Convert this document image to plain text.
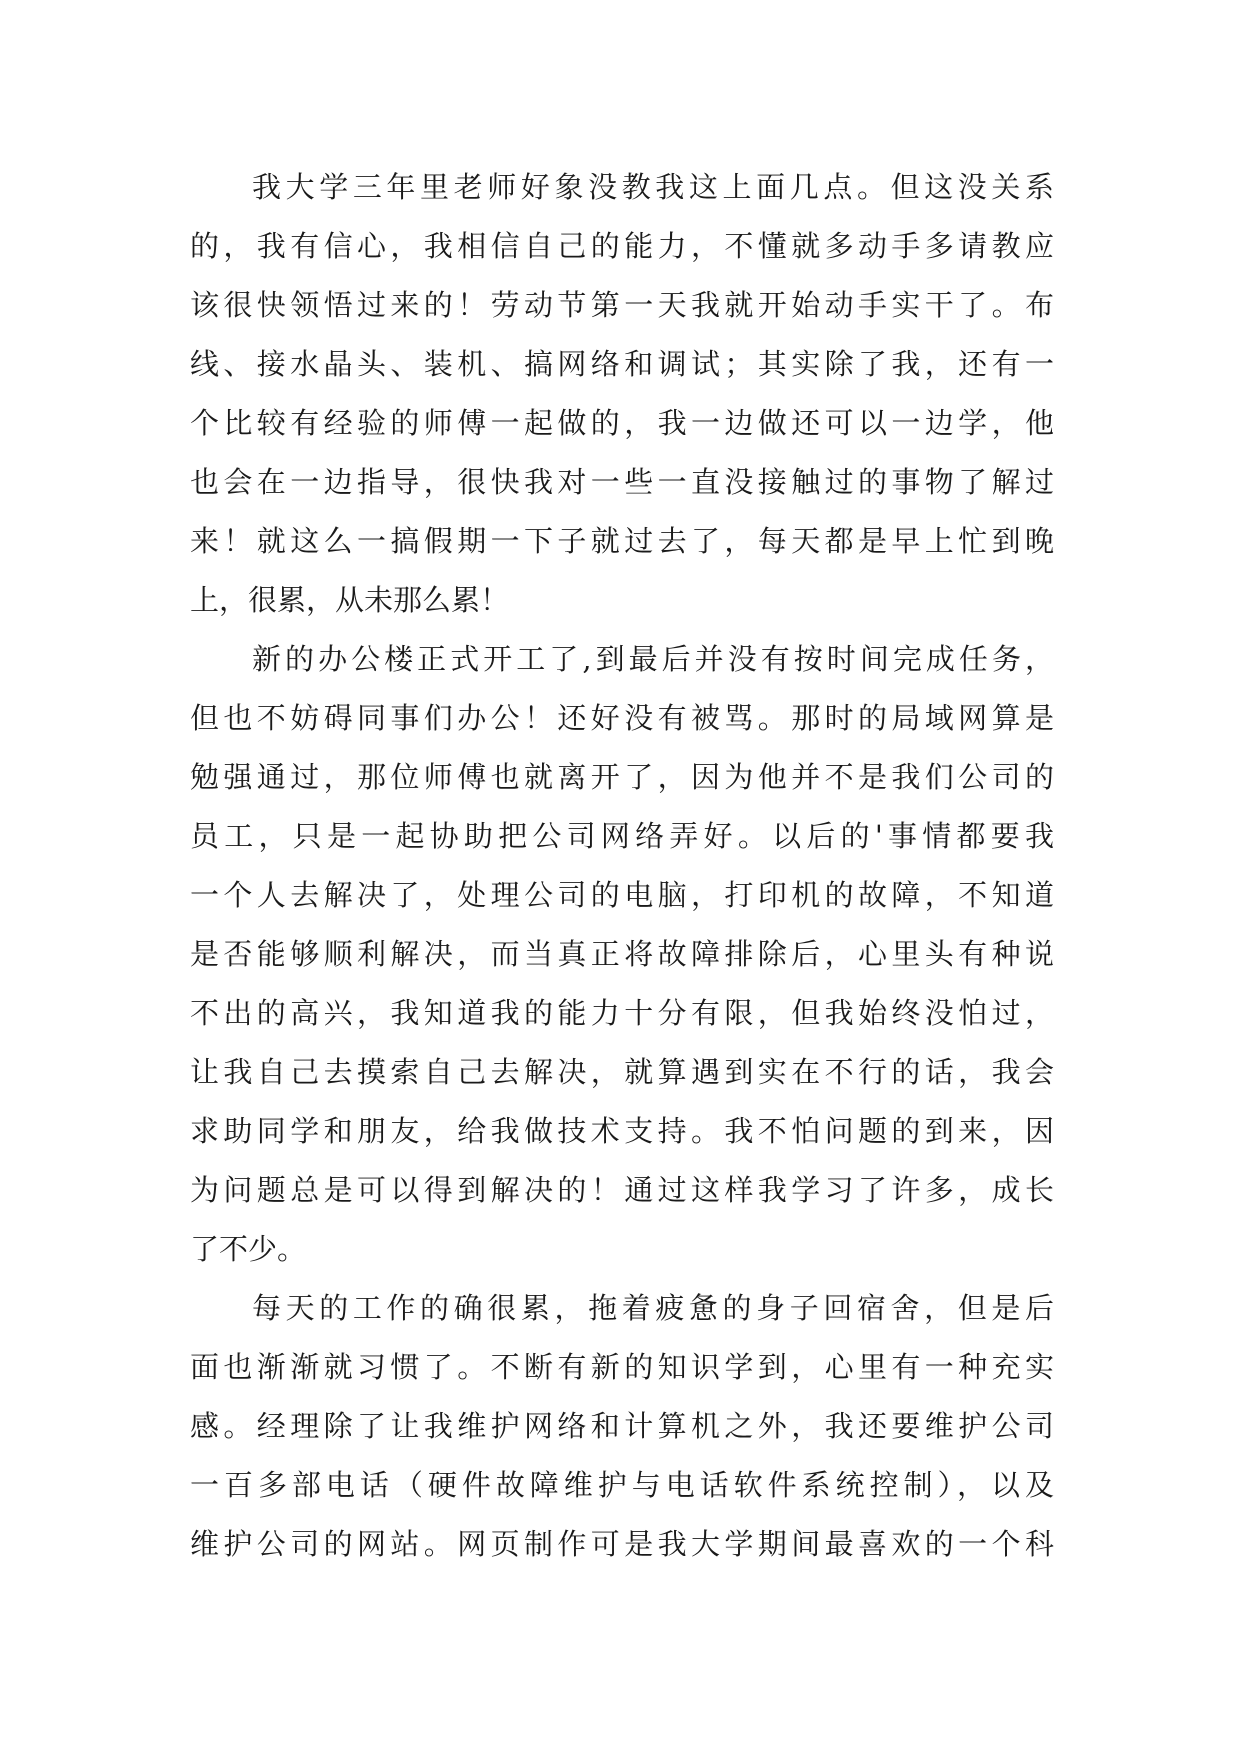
我大学三年里老师好象没教我这上面几点。但这没关系
的，我有信心，我相信自己的能力，不懂就多动手多请教应
该很快领悟过来的！劳动节第一天我就开始动手实干了。布
线、接水晶头、装机、搞网络和调试；其实除了我，还有一
个比较有经验的师傅一起做的，我一边做还可以一边学，他
也会在一边指导，很快我对一些一直没接触过的事物了解过
来！就这么一搞假期一下子就过去了，每天都是早上忙到晚
上，很累，从未那么累！
新的办公楼正式开工了,到最后并没有按时间完成任务，
但也不妨碍同事们办公！还好没有被骂。那时的局域网算是
勉强通过，那位师傅也就离开了，因为他并不是我们公司的
员工，只是一起协助把公司网络弄好。以后的'事情都要我
一个人去解决了，处理公司的电脑，打印机的故障，不知道
是否能够顺利解决，而当真正将故障排除后，心里头有种说
不出的高兴，我知道我的能力十分有限，但我始终没怕过，
让我自己去摸索自己去解决，就算遇到实在不行的话，我会
求助同学和朋友，给我做技术支持。我不怕问题的到来，因
为问题总是可以得到解决的！通过这样我学习了许多，成长
了不少。
每天的工作的确很累，拖着疲惫的身子回宿舍，但是后
面也渐渐就习惯了。不断有新的知识学到，心里有一种充实
感。经理除了让我维护网络和计算机之外，我还要维护公司
一百多部电话（硬件故障维护与电话软件系统控制），以及
维护公司的网站。网页制作可是我大学期间最喜欢的一个科
